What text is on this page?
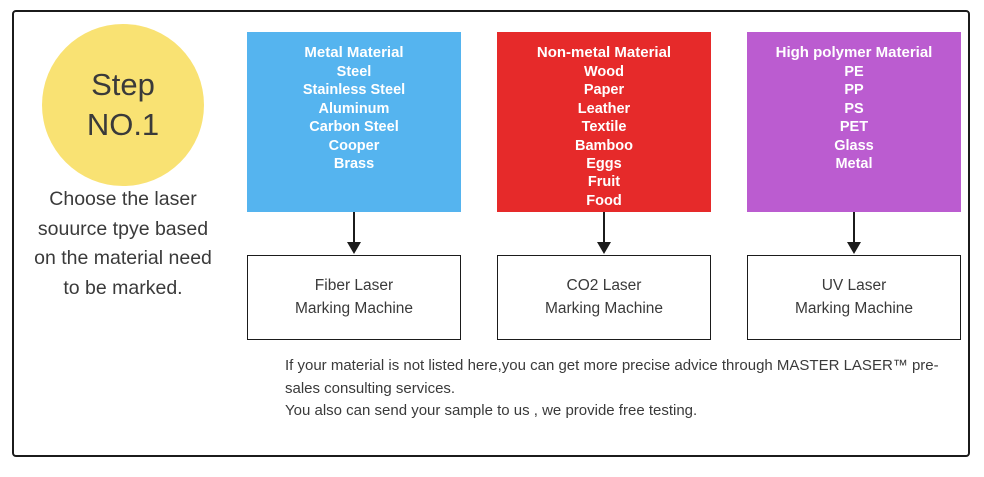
Step
NO.1
Choose the laser souurce tpye based on the material need to be marked.
Metal Material
Steel
Stainless Steel
Aluminum
Carbon Steel
Cooper
Brass
Fiber Laser
Marking Machine
Non-metal Material
Wood
Paper
Leather
Textile
Bamboo
Eggs
Fruit
Food
CO2 Laser
Marking Machine
High polymer Material
PE
PP
PS
PET
Glass
Metal
UV Laser
Marking Machine

If your material is not listed here,you can get more precise advice through MASTER LASER™ pre-sales consulting services.

You also can send your sample to us , we provide free testing.
